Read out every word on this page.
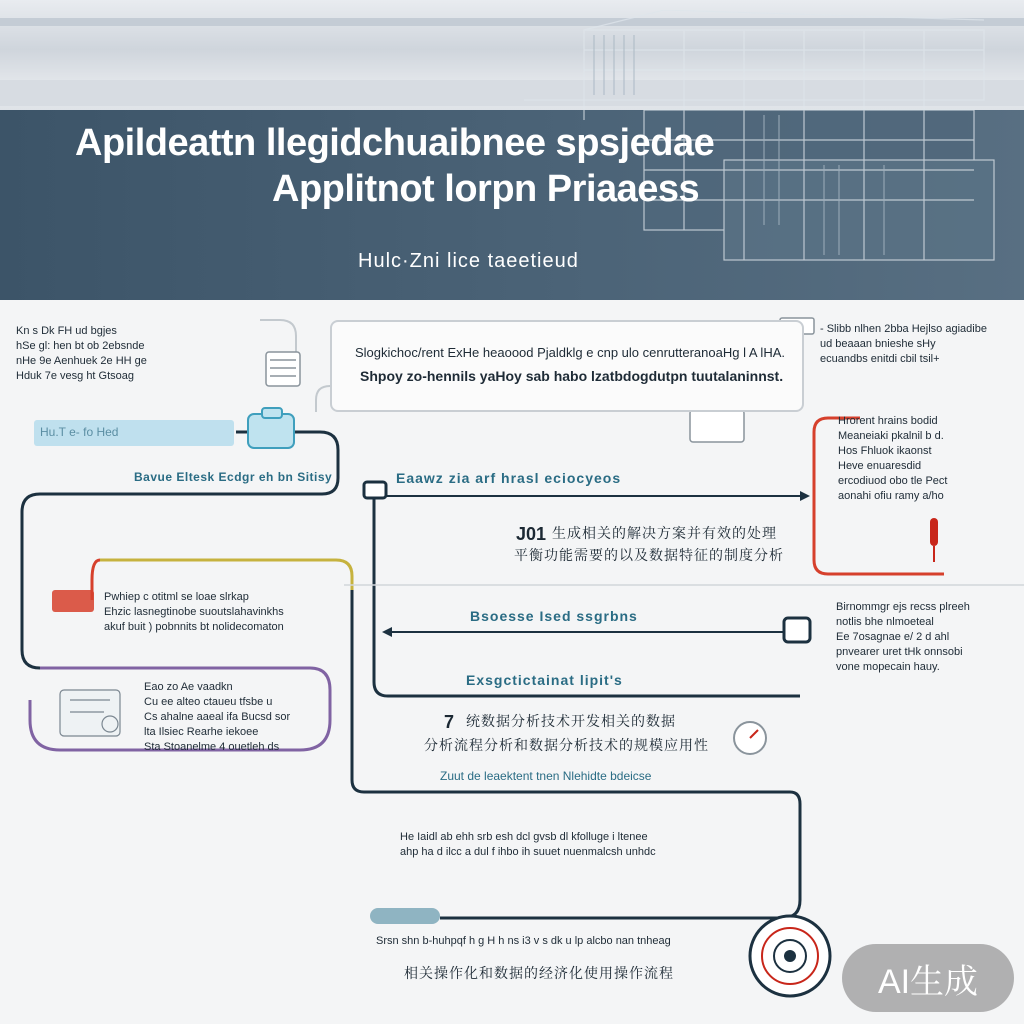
Apildeattn llegidchuaibnee spsjedae
Applitnot lorpn Priaaess
Hulc·Zni lice taeetieud
Kn s Dk FH ud bgjes
hSe gl: hen bt ob 2ebsnde
nHe 9e Aenhuek 2e HH ge
Hduk 7e vesg ht Gtsoag
Slogkichoc/rent ExHe heaoood Pjaldklg e cnp ulo cenrutteranoaHg l A lHA.
Shpoy zo-hennils yaHoy sab habo lzatbdogdutpn tuutalaninnst.
- Slibb nlhen 2bba Hejlso agiadibe
ud beaaan bnieshe sHy
ecuandbs enitdi cbil tsil+
Hu.T e- fo Hed
Bavue Eltesk Ecdgr eh bn Sitisy	Eaawz zia arf hrasl eciocyeos
J01 生成相关的解决方案并有效的处理
平衡功能需要的以及数据特征的制度分析
Hrorent hrains bodid
Meaneiaki pkalnil b d.
Hos Fhluok ikaonst
Heve enuaresdid
ercodiuod obo tle Pect
aonahi ofiu ramy a/ho
Pwhiep c otitml se loae slrkap
Ehzic lasnegtinobe suoutslahavinkhs
akuf buit ) pobnnits bt nolidecomaton
Bsoesse Ised ssgrbns
Birnommgr ejs recss plreeh
notlis bhe nlmoeteal
Ee 7osagnae e/ 2 d ahl
pnvearer uret tHk onnsobi
vone mopecain hauy.
Exsgctictainat lipit's
Eao zo Ae vaadkn
Cu ee alteo ctaueu tfsbe u
Cs ahalne aaeal ifa Bucsd sor
lta Ilsiec Rearhe iekoee
Sta Stoanelme 4 ouetleh ds
7 统数据分析技术开发相关的数据
分析流程分析和数据分析技术的规模应用性
Zuut de leaektent tnen Nlehidte bdeicse
He Iaidl ab ehh srb esh dcl gvsb dl kfolluge i ltenee
ahp ha d ilcc a dul f ihbo ih suuet nuenmalcsh unhdc
Srsn shn b-huhpqf h g H h ns i3 v s dk u lp alcbo nan tnheag
相关操作化和数据的经济化使用操作流程	AI生成
